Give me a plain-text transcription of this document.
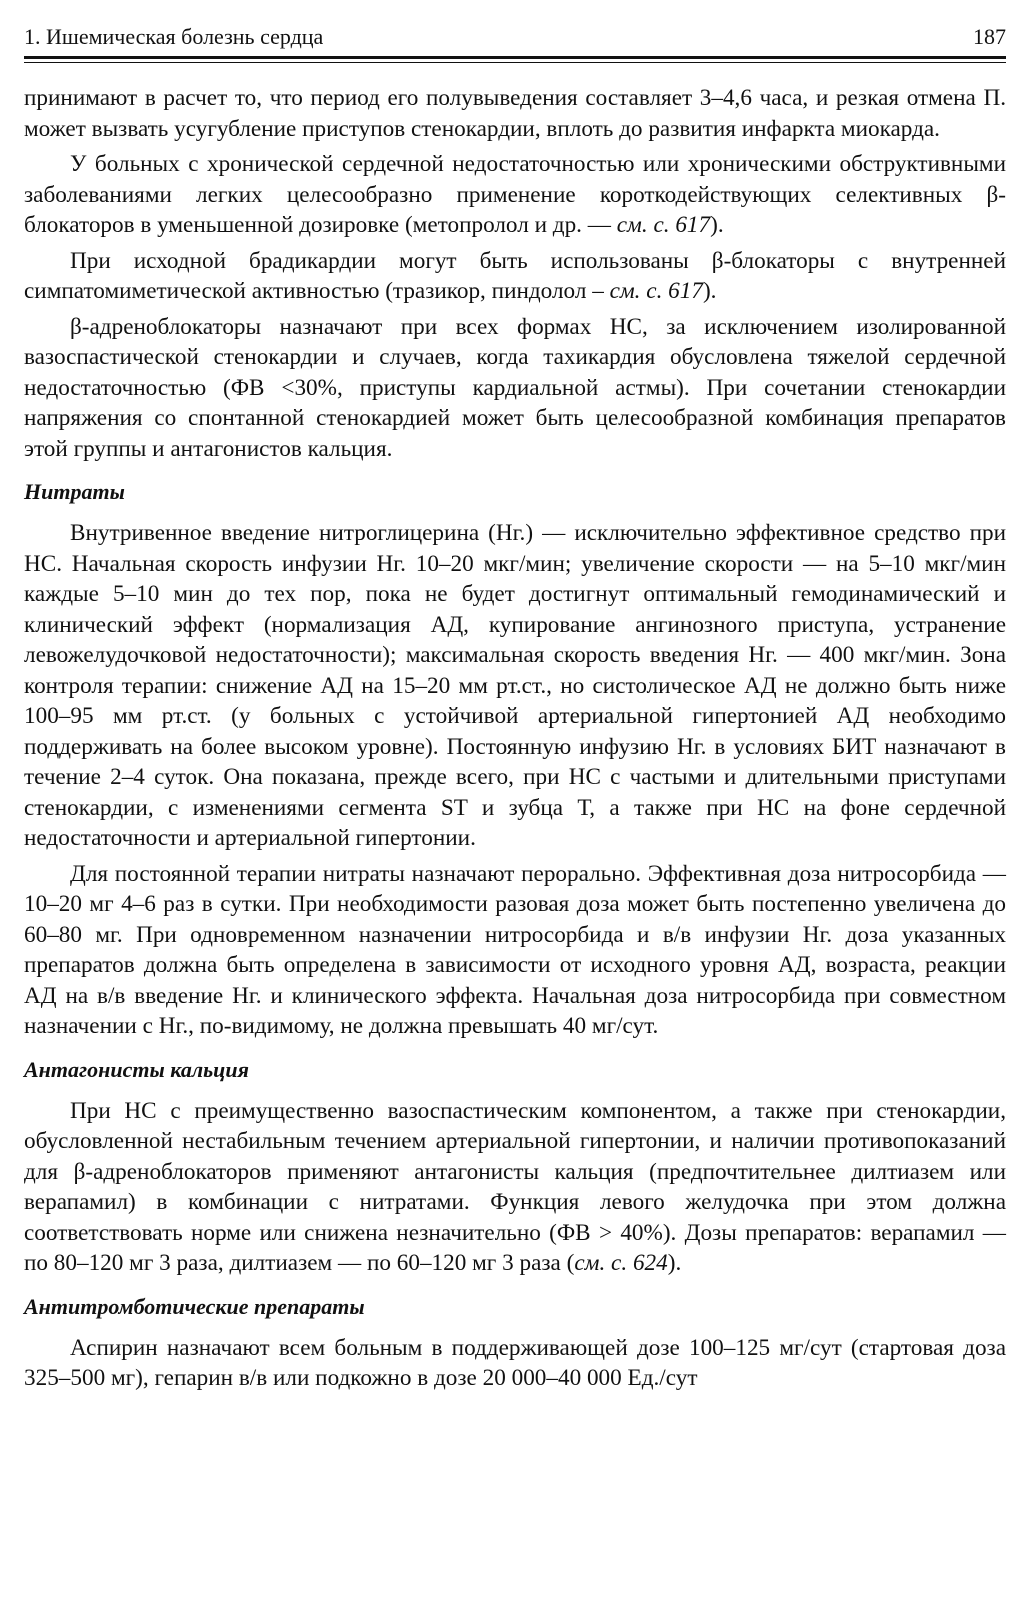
1. Ишемическая болезнь сердца	187

принимают в расчет то, что период его полувыведения составляет 3–4,6 часа, и резкая отмена П. может вызвать усугубление приступов стенокардии, вплоть до развития инфаркта миокарда.

У больных с хронической сердечной недостаточностью или хроническими обструктивными заболеваниями легких целесообразно применение короткодействующих селективных β-блокаторов в уменьшенной дозировке (метопролол и др. — см. с. 617).

При исходной брадикардии могут быть использованы β-блокаторы с внутренней симпатомиметической активностью (тразикор, пиндолол – см. с. 617).

β-адреноблокаторы назначают при всех формах НС, за исключением изолированной вазоспастической стенокардии и случаев, когда тахикардия обусловлена тяжелой сердечной недостаточностью (ФВ <30%, приступы кардиальной астмы). При сочетании стенокардии напряжения со спонтанной стенокардией может быть целесообразной комбинация препаратов этой группы и антагонистов кальция.

Нитраты

Внутривенное введение нитроглицерина (Нг.) — исключительно эффективное средство при НС. Начальная скорость инфузии Нг. 10–20 мкг/мин; увеличение скорости — на 5–10 мкг/мин каждые 5–10 мин до тех пор, пока не будет достигнут оптимальный гемодинамический и клинический эффект (нормализация АД, купирование ангинозного приступа, устранение левожелудочковой недостаточности); максимальная скорость введения Нг. — 400 мкг/мин. Зона контроля терапии: снижение АД на 15–20 мм рт.ст., но систолическое АД не должно быть ниже 100–95 мм рт.ст. (у больных с устойчивой артериальной гипертонией АД необходимо поддерживать на более высоком уровне). Постоянную инфузию Нг. в условиях БИТ назначают в течение 2–4 суток. Она показана, прежде всего, при НС с частыми и длительными приступами стенокардии, с изменениями сегмента ST и зубца Т, а также при НС на фоне сердечной недостаточности и артериальной гипертонии.

Для постоянной терапии нитраты назначают перорально. Эффективная доза нитросорбида — 10–20 мг 4–6 раз в сутки. При необходимости разовая доза может быть постепенно увеличена до 60–80 мг. При одновременном назначении нитросорбида и в/в инфузии Нг. доза указанных препаратов должна быть определена в зависимости от исходного уровня АД, возраста, реакции АД на в/в введение Нг. и клинического эффекта. Начальная доза нитросорбида при совместном назначении с Нг., по-видимому, не должна превышать 40 мг/сут.

Антагонисты кальция

При НС с преимущественно вазоспастическим компонентом, а также при стенокардии, обусловленной нестабильным течением артериальной гипертонии, и наличии противопоказаний для β-адреноблокаторов применяют антагонисты кальция (предпочтительнее дилтиазем или верапамил) в комбинации с нитратами. Функция левого желудочка при этом должна соответствовать норме или снижена незначительно (ФВ > 40%). Дозы препаратов: верапамил — по 80–120 мг 3 раза, дилтиазем — по 60–120 мг 3 раза (см. с. 624).

Антитромботические препараты

Аспирин назначают всем больным в поддерживающей дозе 100–125 мг/сут (стартовая доза 325–500 мг), гепарин в/в или подкожно в дозе 20 000–40 000 Ед./сут
